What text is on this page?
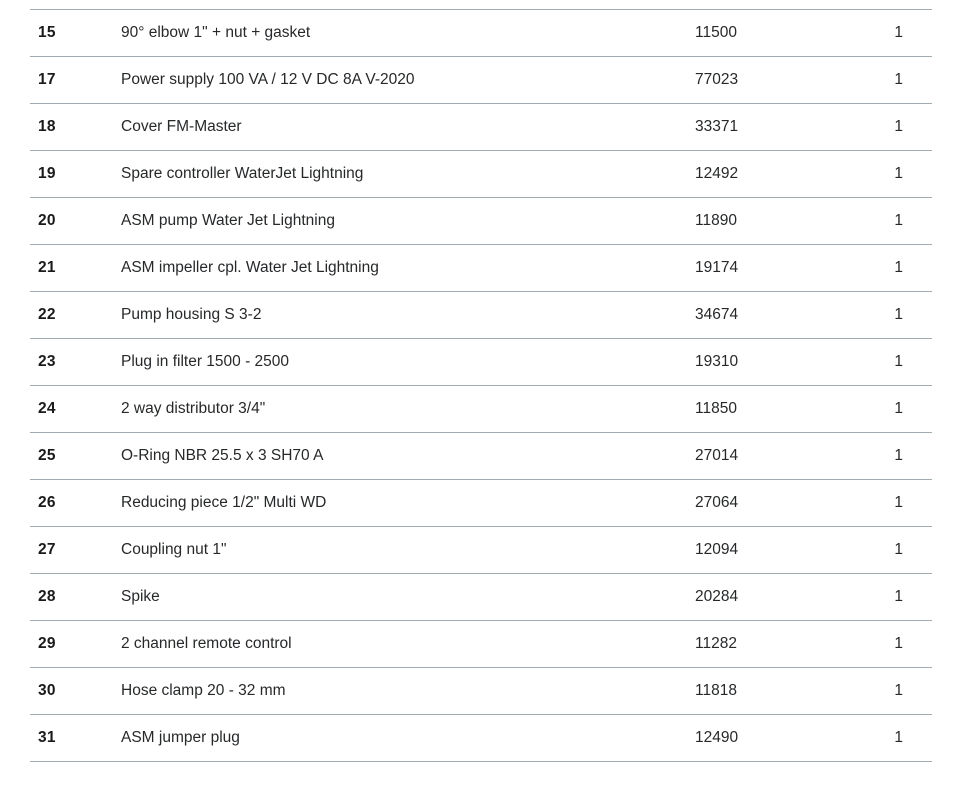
15	90° elbow 1" + nut + gasket	11500	1
17	Power supply 100 VA / 12 V DC 8A V-2020	77023	1
18	Cover FM-Master	33371	1
19	Spare controller WaterJet Lightning	12492	1
20	ASM pump Water Jet Lightning	11890	1
21	ASM impeller cpl. Water Jet Lightning	19174	1
22	Pump housing S 3-2	34674	1
23	Plug in filter 1500 - 2500	19310	1
24	2 way distributor 3/4"	11850	1
25	O-Ring NBR 25.5 x 3 SH70 A	27014	1
26	Reducing piece 1/2" Multi WD	27064	1
27	Coupling nut 1"	12094	1
28	Spike	20284	1
29	2 channel remote control	11282	1
30	Hose clamp 20 - 32 mm	11818	1
31	ASM jumper plug	12490	1
